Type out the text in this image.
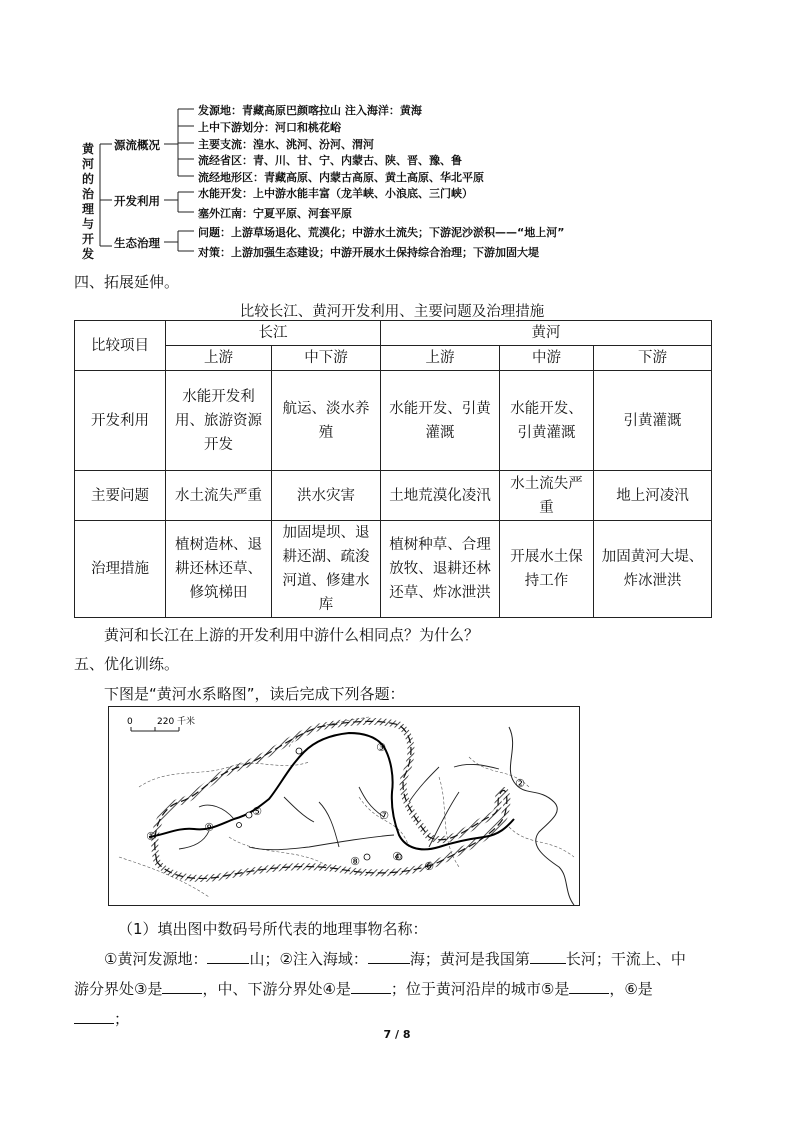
黄河的治理与开发
源流概况
开发利用
生态治理
发源地：青藏高原巴颜喀拉山 注入海洋：黄海
上中下游划分：河口和桃花峪
主要支流：湟水、洮河、汾河、渭河
流经省区：青、川、甘、宁、内蒙古、陕、晋、豫、鲁
流经地形区：青藏高原、内蒙古高原、黄土高原、华北平原
水能开发：上中游水能丰富（龙羊峡、小浪底、三门峡）
塞外江南：宁夏平原、河套平原
问题：上游草场退化、荒漠化；中游水土流失；下游泥沙淤积——“地上河”
对策：上游加强生态建设；中游开展水土保持综合治理；下游加固大堤
四、拓展延伸。
比较长江、黄河开发利用、主要问题及治理措施
比较项目	长江		黄河		
	上游	中下游	上游	中游	下游
开发利用	水能开发利用、旅游资源开发	航运、淡水养殖	水能开发、引黄灌溉	水能开发、引黄灌溉	引黄灌溉
主要问题	水土流失严重	洪水灾害	土地荒漠化凌汛	水土流失严重	地上河凌汛
治理措施	植树造林、退耕还林还草、修筑梯田	加固堤坝、退耕还湖、疏浚河道、修建水库	植树种草、合理放牧、退耕还林还草、炸冰泄洪	开展水土保持工作	加固黄河大堤、炸冰泄洪
黄河和长江在上游的开发利用中游什么相同点？为什么？
五、优化训练。
下图是“黄河水系略图”，读后完成下列各题：
0	220 千米
①
②
③
④
⑤
⑥
⑦
⑧
⑨
（1）填出图中数码号所代表的地理事物名称：
①黄河发源地：	山；②注入海域：	海；黄河是我国第 长河；干流上、中
游分界处③是	，中、下游分界处④是	；位于黄河沿岸的城市⑤是	，⑥是
；
7 / 8
